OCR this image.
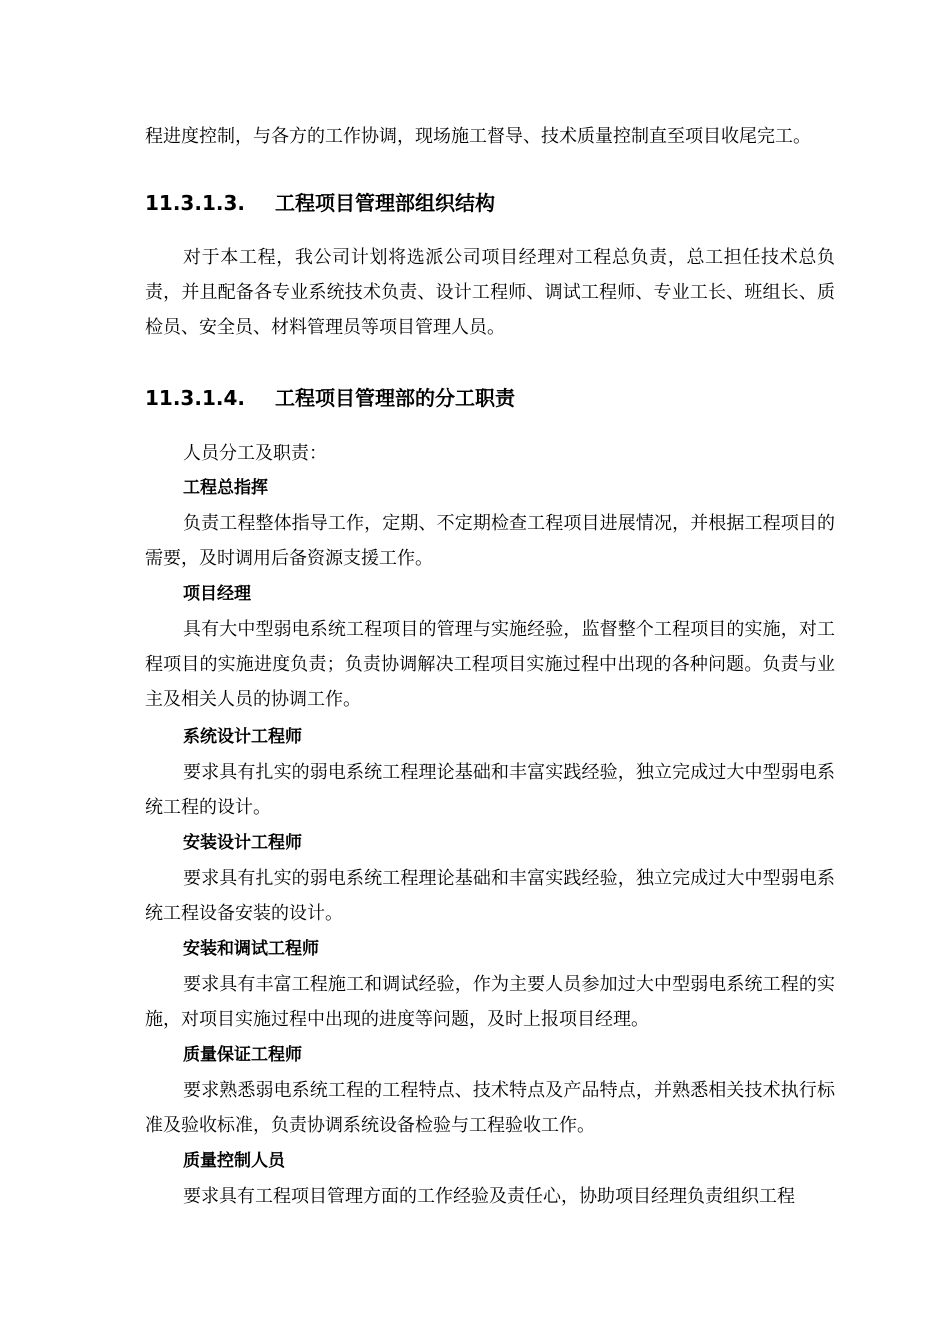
程进度控制，与各方的工作协调，现场施工督导、技术质量控制直至项目收尾完工。

11.3.1.3. 工程项目管理部组织结构

对于本工程，我公司计划将选派公司项目经理对工程总负责，总工担任技术总负责，并且配备各专业系统技术负责、设计工程师、调试工程师、专业工长、班组长、质检员、安全员、材料管理员等项目管理人员。

11.3.1.4. 工程项目管理部的分工职责

人员分工及职责：

工程总指挥

负责工程整体指导工作，定期、不定期检查工程项目进展情况，并根据工程项目的需要，及时调用后备资源支援工作。

项目经理

具有大中型弱电系统工程项目的管理与实施经验，监督整个工程项目的实施，对工程项目的实施进度负责；负责协调解决工程项目实施过程中出现的各种问题。负责与业主及相关人员的协调工作。

系统设计工程师

要求具有扎实的弱电系统工程理论基础和丰富实践经验，独立完成过大中型弱电系统工程的设计。

安装设计工程师

要求具有扎实的弱电系统工程理论基础和丰富实践经验，独立完成过大中型弱电系统工程设备安装的设计。

安装和调试工程师

要求具有丰富工程施工和调试经验，作为主要人员参加过大中型弱电系统工程的实施，对项目实施过程中出现的进度等问题，及时上报项目经理。

质量保证工程师

要求熟悉弱电系统工程的工程特点、技术特点及产品特点，并熟悉相关技术执行标准及验收标准，负责协调系统设备检验与工程验收工作。

质量控制人员

要求具有工程项目管理方面的工作经验及责任心，协助项目经理负责组织工程
